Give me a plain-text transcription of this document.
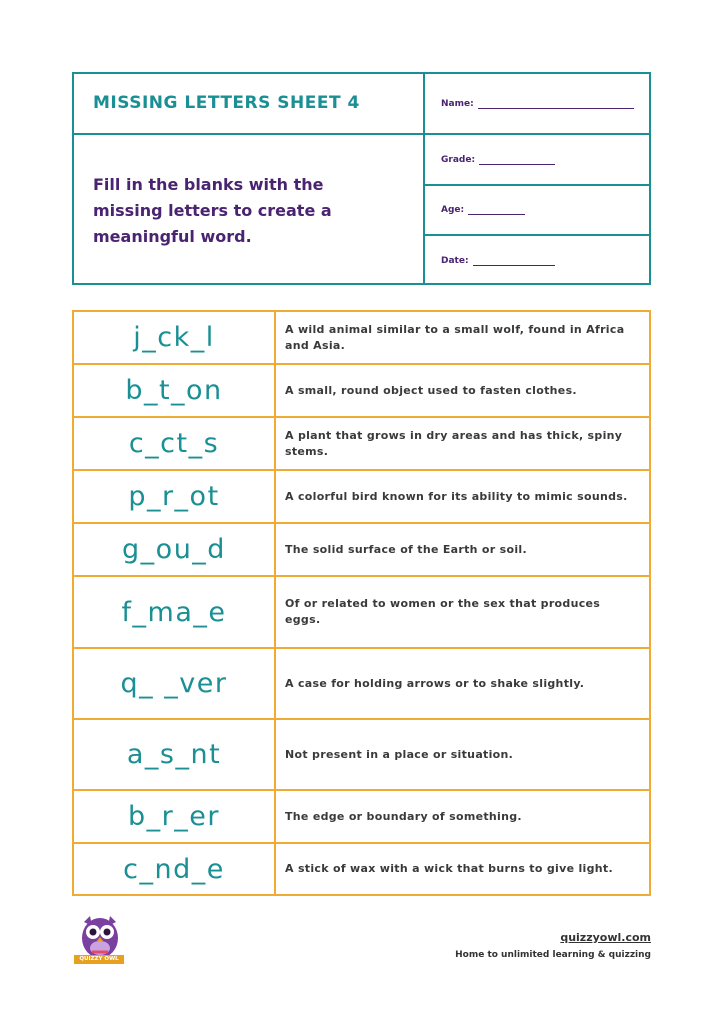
MISSING LETTERS SHEET 4
Fill in the blanks with the missing letters to create a meaningful word.
Name:
Grade:
Age:
Date:
j_ck_l	A wild animal similar to a small wolf, found in Africa and Asia.
b_t_on	A small, round object used to fasten clothes.
c_ct_s	A plant that grows in dry areas and has thick, spiny stems.
p_r_ot	A colorful bird known for its ability to mimic sounds.
g_ou_d	The solid surface of the Earth or soil.
f_ma_e	Of or related to women or the sex that produces eggs.
q_ _ver	A case for holding arrows or to shake slightly.
a_s_nt	Not present in a place or situation.
b_r_er	The edge or boundary of something.
c_nd_e	A stick of wax with a wick that burns to give light.
QUIZZY OWL
quizzyowl.com
Home to unlimited learning & quizzing
